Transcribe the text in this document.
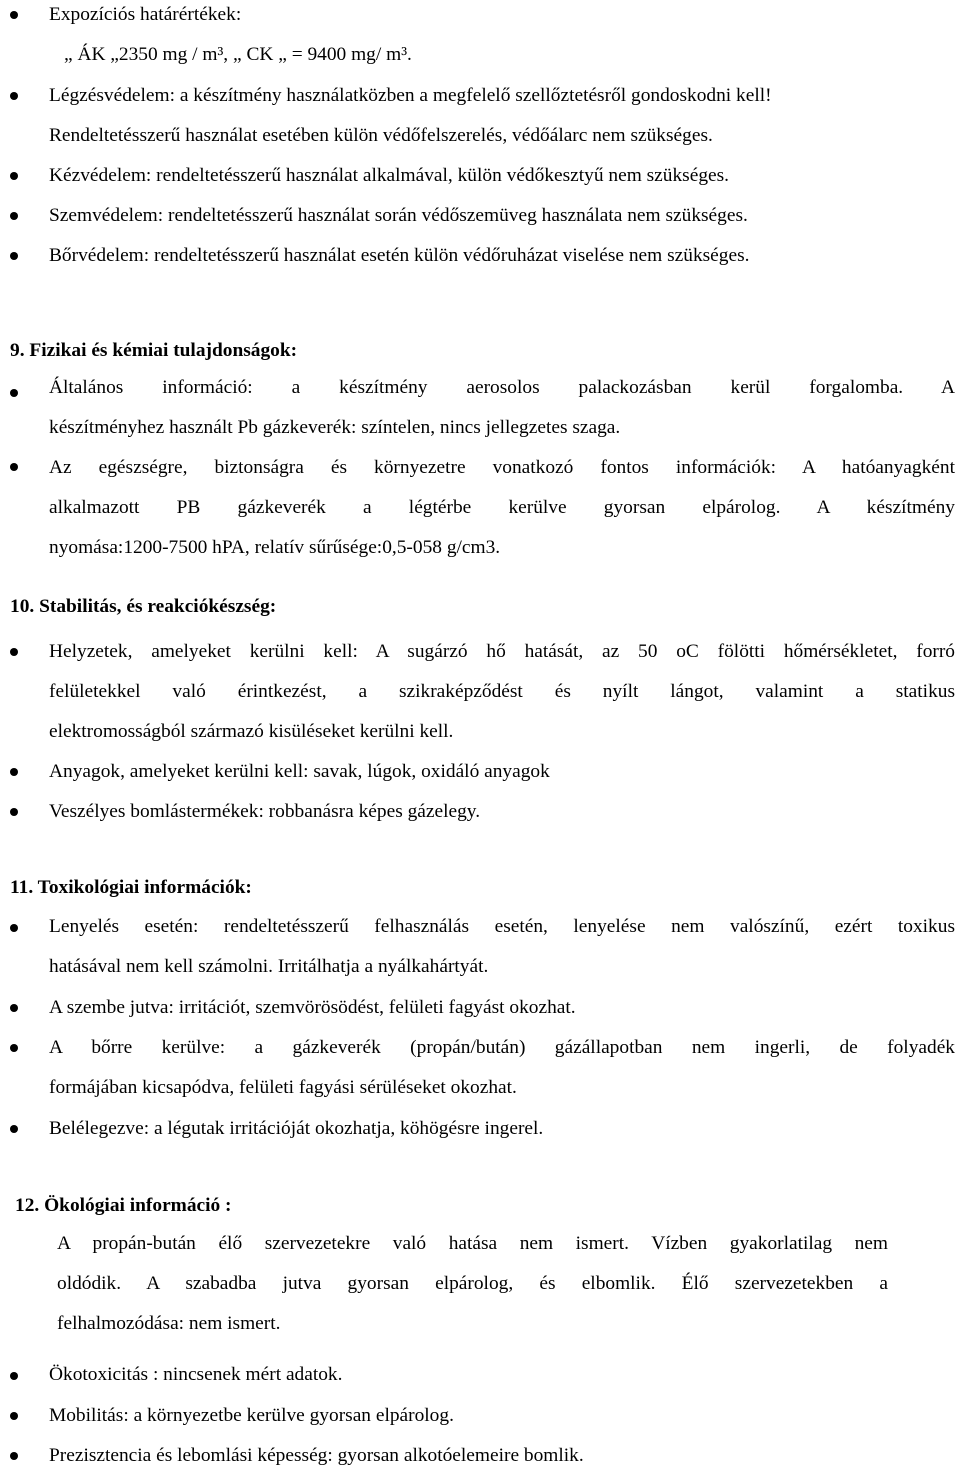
Expozíciós határértékek:
„ ÁK „2350 mg / m³, „ CK „ = 9400 mg/ m³.
Légzésvédelem: a készítmény használatközben a megfelelő szellőztetésről gondoskodni kell!
Rendeltetésszerű használat esetében külön védőfelszerelés, védőálarc nem szükséges.
Kézvédelem: rendeltetésszerű használat alkalmával, külön védőkesztyű nem szükséges.
Szemvédelem: rendeltetésszerű használat során védőszemüveg használata nem szükséges.
Bőrvédelem: rendeltetésszerű használat esetén külön védőruházat viselése nem szükséges.
9. Fizikai és kémiai tulajdonságok:
Általános információ: a készítmény aerosolos palackozásban kerül forgalomba. A
készítményhez használt Pb gázkeverék: színtelen, nincs jellegzetes szaga.
Az egészségre, biztonságra és környezetre vonatkozó fontos információk: A hatóanyagként
alkalmazott PB gázkeverék a légtérbe kerülve gyorsan elpárolog. A készítmény
nyomása:1200-7500 hPA, relatív sűrűsége:0,5-058 g/cm3.
10. Stabilitás, és reakciókészség:
Helyzetek, amelyeket kerülni kell: A sugárzó hő hatását, az 50 oC fölötti hőmérsékletet, forró
felületekkel való érintkezést, a szikraképződést és nyílt lángot, valamint a statikus
elektromosságból származó kisüléseket kerülni kell.
Anyagok, amelyeket kerülni kell: savak, lúgok, oxidáló anyagok
Veszélyes bomlástermékek: robbanásra képes gázelegy.
11. Toxikológiai információk:
Lenyelés esetén: rendeltetésszerű felhasználás esetén, lenyelése nem valószínű, ezért toxikus
hatásával nem kell számolni. Irritálhatja a nyálkahártyát.
A szembe jutva: irritációt, szemvörösödést, felületi fagyást okozhat.
A bőrre kerülve: a gázkeverék (propán/bután) gázállapotban nem ingerli, de folyadék
formájában kicsapódva, felületi fagyási sérüléseket okozhat.
Belélegezve: a légutak irritációját okozhatja, köhögésre ingerel.
12. Ökológiai információ :
A propán-bután élő szervezetekre való hatása nem ismert. Vízben gyakorlatilag nem
oldódik. A szabadba jutva gyorsan elpárolog, és elbomlik. Élő szervezetekben a
felhalmozódása: nem ismert.
Ökotoxicitás : nincsenek mért adatok.
Mobilitás: a környezetbe kerülve gyorsan elpárolog.
Prezisztencia és lebomlási képesség: gyorsan alkotóelemeire bomlik.
